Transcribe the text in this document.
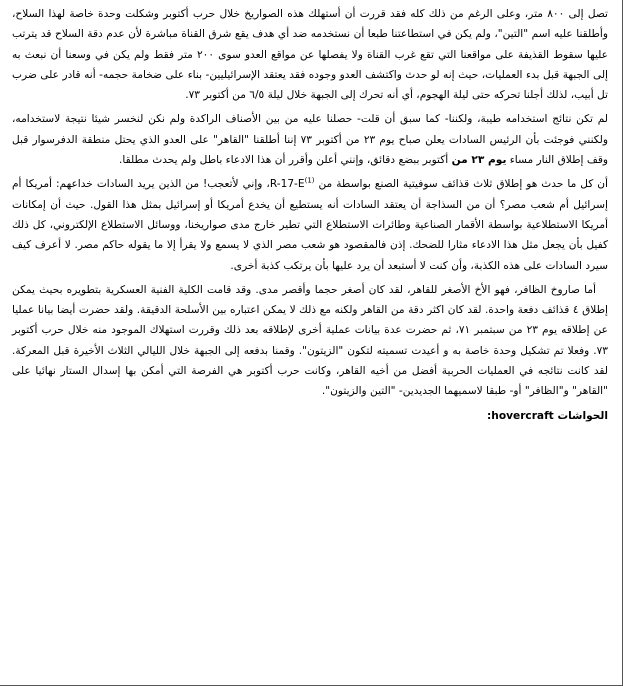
تصل إلى ٨٠٠ متر، وعلى الرغم من ذلك كله فقد قررت أن أستهلك هذه الصواريخ خلال حرب أكتوبر وشكلت وحدة خاصة لهذا السلاح، وأطلقنا عليه اسم "التين"، ولم يكن في استطاعتنا طبعا أن نستخدمه ضد أي هدف يقع شرق القناة مباشرة لأن عدم دقة السلاح قد يترتب عليها سقوط القذيفة على مواقعنا التي تقع غرب القناة ولا يفصلها عن مواقع العدو سوى ٢٠٠ متر فقط ولم يكن في وسعنا أن نبعث به إلى الجبهة قبل بدء العمليات، حيث إنه لو حدث واكتشف العدو وجوده فقد يعتقد الإسرائيليين- بناء على ضخامة حجمه- أنه قادر على ضرب تل أبيب، لذلك أجلنا تحركه حتى ليلة الهجوم، أي أنه تحرك إلى الجبهة خلال ليلة ٦/٥ من أكتوبر ٧٣.

لم تكن نتائج استخدامه طيبة، ولكننا- كما سبق أن قلت- حصلنا عليه من بين الأصناف الراكدة ولم نكن لنخسر شيئا نتيجة لاستخدامه، ولكنني فوجئت بأن الرئيس السادات يعلن صباح يوم ٢٣ من أكتوبر ٧٣ إننا أطلقنا "القاهر" على العدو الذي يحتل منطقة الدفرسوار قبل وقف إطلاق النار مساء يوم ٢٣ من أكتوبر ببضع دقائق، وإنني أعلن وأقرر أن هذا الادعاء باطل ولم يحدث مطلقا.

أن كل ما حدث هو إطلاق ثلاث قذائف سوفيتية الصنع بواسطة من $R-17-E^{(1)}،$ وإني لأتعجب! من الذين يريد السادات خداعهم: أمريكا أم إسرائيل أم شعب مصر؟ أن من السذاجة أن يعتقد السادات أنه يستطيع أن يخدع أمريكا أو إسرائيل بمثل هذا القول. حيث أن إمكانات أمريكا الاستطلاعية بواسطة الأقمار الصناعية وطائرات الاستطلاع التي تطير خارج مدى صواريخنا، ووسائل الاستطلاع الإلكتروني، كل ذلك كفيل بأن يجعل مثل هذا الادعاء مثارا للضحك. إذن فالمقصود هو شعب مصر الذي لا يسمع ولا يقرأ إلا ما يقوله حاكم مصر. لا أعرف كيف سيرد السادات على هذه الكذبة، وأن كنت لا أستبعد أن يرد عليها بأن يرتكب كذبة أخرى.

أما صاروخ الظافر، فهو الأخ الأصغر للقاهر، لقد كان أصغر حجما وأقصر مدى. وقد قامت الكلية الفنية العسكرية بتطويره بحيث يمكن إطلاق ٤ قذائف دفعة واحدة. لقد كان اكثر دقة من القاهر ولكنه مع ذلك لا يمكن اعتباره بين الأسلحة الدقيقة. ولقد حضرت أيضا بيانا عمليا عن إطلاقه يوم ٢٣ من سبتمبر ٧١، ثم حضرت عدة بيانات عملية أخرى لإطلاقه بعد ذلك وقررت استهلاك الموجود منه خلال حرب أكتوبر ٧٣. وفعلا تم تشكيل وحدة خاصة به و أعيدت تسميته لتكون "الزيتون". وقمنا بدفعه إلى الجبهة خلال الليالي الثلاث الأخيرة قبل المعركة. لقد كانت نتائجه في العمليات الحربية أفضل من أخيه القاهر، وكانت حرب أكتوبر هي الفرصة التي أمكن بها إسدال الستار نهائيا على "القاهر" و"الظافر" أو- طبقا لاسميهما الجديدين- "التين والزيتون".

الحواشات hovercraft:
